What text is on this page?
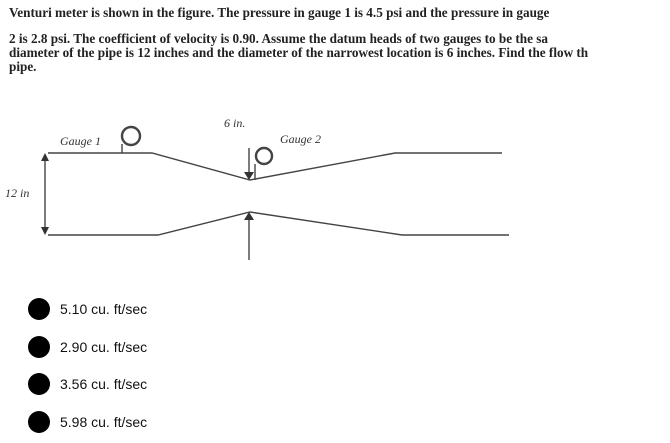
Venturi meter is shown in the figure. The pressure in gauge 1 is 4.5 psi and the pressure in gauge
2 is 2.8 psi. The coefficient of velocity is 0.90. Assume the datum heads of two gauges to be the sa
diameter of the pipe is 12 inches and the diameter of the narrowest location is 6 inches. Find the flow th
pipe.
Gauge 1	Gauge 2
6 in.
12 in
5.10 cu. ft/sec
2.90 cu. ft/sec
3.56 cu. ft/sec
5.98 cu. ft/sec
